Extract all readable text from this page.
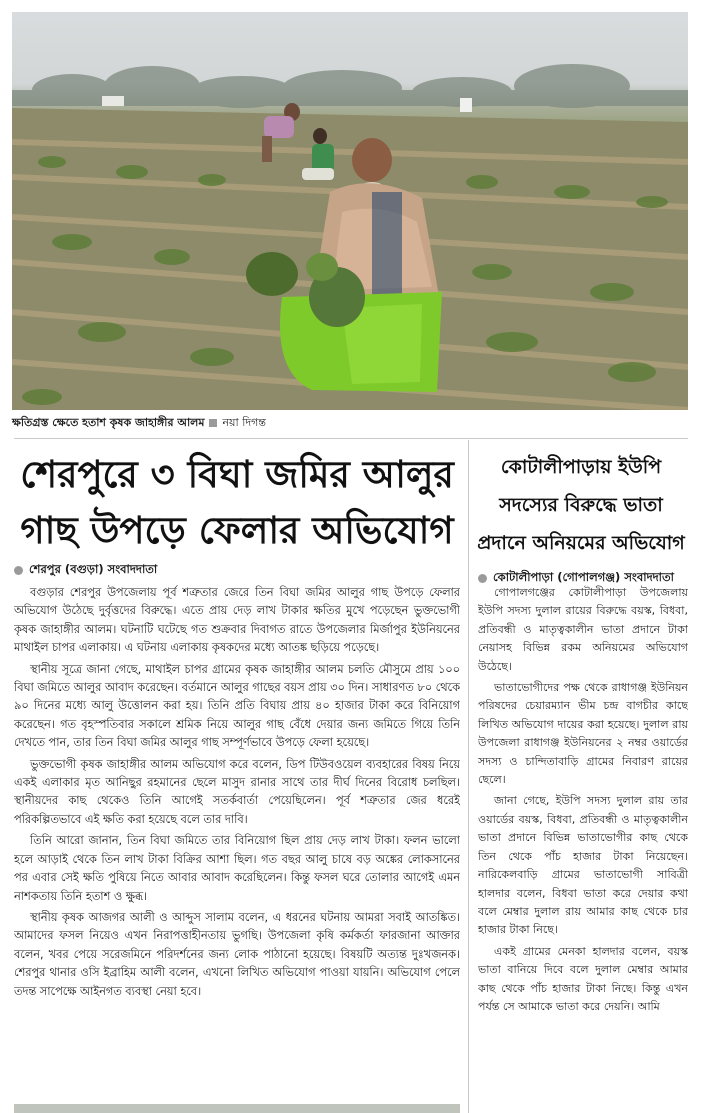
ক্ষতিগ্রস্ত ক্ষেতে হতাশ কৃষক জাহাঙ্গীর আলম নয়া দিগন্ত
শেরপুরে ৩ বিঘা জমির আলুর গাছ উপড়ে ফেলার অভিযোগ
কোটালীপাড়ায় ইউপি সদস্যের বিরুদ্ধে ভাতা প্রদানে অনিয়মের অভিযোগ
শেরপুর (বগুড়া) সংবাদদাতা
কোটালীপাড়া (গোপালগঞ্জ) সংবাদদাতা

বগুড়ার শেরপুর উপজেলায় পূর্ব শত্রুতার জেরে তিন বিঘা জমির আলুর গাছ উপড়ে ফেলার অভিযোগ উঠেছে দুর্বৃত্তদের বিরুদ্ধে। এতে প্রায় দেড় লাখ টাকার ক্ষতির মুখে পড়েছেন ভুক্তভোগী কৃষক জাহাঙ্গীর আলম। ঘটনাটি ঘটেছে গত শুক্রবার দিবাগত রাতে উপজেলার মির্জাপুর ইউনিয়নের মাথাইল চাপর এলাকায়। এ ঘটনায় এলাকায় কৃষকদের মধ্যে আতঙ্ক ছড়িয়ে পড়েছে।

স্থানীয় সূত্রে জানা গেছে, মাথাইল চাপর গ্রামের কৃষক জাহাঙ্গীর আলম চলতি মৌসুমে প্রায় ১০০ বিঘা জমিতে আলুর আবাদ করেছেন। বর্তমানে আলুর গাছের বয়স প্রায় ৩০ দিন। সাধারণত ৮০ থেকে ৯০ দিনের মধ্যে আলু উত্তোলন করা হয়। তিনি প্রতি বিঘায় প্রায় ৪০ হাজার টাকা করে বিনিয়োগ করেছেন। গত বৃহস্পতিবার সকালে শ্রমিক নিয়ে আলুর গাছ বেঁধে দেয়ার জন্য জমিতে গিয়ে তিনি দেখতে পান, তার তিন বিঘা জমির আলুর গাছ সম্পূর্ণভাবে উপড়ে ফেলা হয়েছে।

ভুক্তভোগী কৃষক জাহাঙ্গীর আলম অভিযোগ করে বলেন, ডিপ টিউবওয়েল ব্যবহারের বিষয় নিয়ে একই এলাকার মৃত আনিছুর রহমানের ছেলে মাসুদ রানার সাথে তার দীর্ঘ দিনের বিরোধ চলছিল। স্থানীয়দের কাছ থেকেও তিনি আগেই সতর্কবার্তা পেয়েছিলেন। পূর্ব শত্রুতার জের ধরেই পরিকল্পিতভাবে এই ক্ষতি করা হয়েছে বলে তার দাবি।

তিনি আরো জানান, তিন বিঘা জমিতে তার বিনিয়োগ ছিল প্রায় দেড় লাখ টাকা। ফলন ভালো হলে আড়াই থেকে তিন লাখ টাকা বিক্রির আশা ছিল। গত বছর আলু চাষে বড় অঙ্কের লোকসানের পর এবার সেই ক্ষতি পুষিয়ে নিতে আবার আবাদ করেছিলেন। কিন্তু ফসল ঘরে তোলার আগেই এমন নাশকতায় তিনি হতাশ ও ক্ষুব্ধ।

স্থানীয় কৃষক আজগর আলী ও আব্দুস সালাম বলেন, এ ধরনের ঘটনায় আমরা সবাই আতঙ্কিত। আমাদের ফসল নিয়েও এখন নিরাপত্তাহীনতায় ভুগছি। উপজেলা কৃষি কর্মকর্তা ফারজানা আক্তার বলেন, খবর পেয়ে সরেজমিনে পরিদর্শনের জন্য লোক পাঠানো হয়েছে। বিষয়টি অত্যন্ত দুঃখজনক। শেরপুর থানার ওসি ইব্রাহিম আলী বলেন, এখনো লিখিত অভিযোগ পাওয়া যায়নি। অভিযোগ পেলে তদন্ত সাপেক্ষে আইনগত ব্যবস্থা নেয়া হবে।

গোপালগঞ্জের কোটালীপাড়া উপজেলায় ইউপি সদস্য দুলাল রায়ের বিরুদ্ধে বয়স্ক, বিধবা, প্রতিবন্ধী ও মাতৃত্বকালীন ভাতা প্রদানে টাকা নেয়াসহ বিভিন্ন রকম অনিয়মের অভিযোগ উঠেছে।

ভাতাভোগীদের পক্ষ থেকে রাধাগঞ্জ ইউনিয়ন পরিষদের চেয়ারম্যান ভীম চন্দ্র বাগচীর কাছে লিখিত অভিযোগ দায়ের করা হয়েছে। দুলাল রায় উপজেলা রাধাগঞ্জ ইউনিয়নের ২ নম্বর ওয়ার্ডের সদস্য ও চান্দিতাবাড়ি গ্রামের নিবারণ রায়ের ছেলে।

জানা গেছে, ইউপি সদস্য দুলাল রায় তার ওয়ার্ডের বয়স্ক, বিধবা, প্রতিবন্ধী ও মাতৃত্বকালীন ভাতা প্রদানে বিভিন্ন ভাতাভোগীর কাছ থেকে তিন থেকে পাঁচ হাজার টাকা নিয়েছেন। নারিকেলবাড়ি গ্রামের ভাতাভোগী সাবিত্রী হালদার বলেন, বিধবা ভাতা করে দেয়ার কথা বলে মেম্বার দুলাল রায় আমার কাছ থেকে চার হাজার টাকা নিছে।

একই গ্রামের মেনকা হালদার বলেন, বয়স্ক ভাতা বানিয়ে দিবে বলে দুলাল মেম্বার আমার কাছ থেকে পাঁচ হাজার টাকা নিছে। কিন্তু এখন পর্যন্ত সে আমাকে ভাতা করে দেয়নি। আমি
